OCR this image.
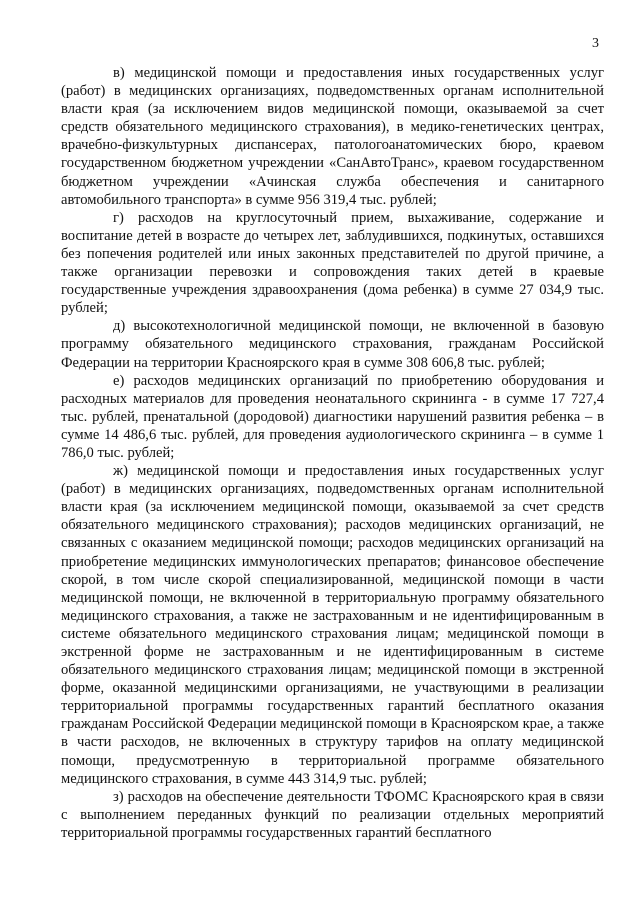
3

в) медицинской помощи и предоставления иных государственных услуг (работ) в медицинских организациях, подведомственных органам исполнительной власти края (за исключением видов медицинской помощи, оказываемой за счет средств обязательного медицинского страхования), в медико-генетических центрах, врачебно-физкультурных диспансерах, патологоанатомических бюро, краевом государственном бюджетном учреждении «СанАвтоТранс», краевом государственном бюджетном учреждении «Ачинская служба обеспечения и санитарного автомобильного транспорта» в сумме 956 319,4 тыс. рублей;

г) расходов на круглосуточный прием, выхаживание, содержание и воспитание детей в возрасте до четырех лет, заблудившихся, подкинутых, оставшихся без попечения родителей или иных законных представителей по другой причине, а также организации перевозки и сопровождения таких детей в краевые государственные учреждения здравоохранения (дома ребенка) в сумме 27 034,9 тыс. рублей;

д) высокотехнологичной медицинской помощи, не включенной в базовую программу обязательного медицинского страхования, гражданам Российской Федерации на территории Красноярского края в сумме 308 606,8 тыс. рублей;

е) расходов медицинских организаций по приобретению оборудования и расходных материалов для проведения неонатального скрининга - в сумме 17 727,4 тыс. рублей, пренатальной (дородовой) диагностики нарушений развития ребенка – в сумме 14 486,6 тыс. рублей, для проведения аудиологического скрининга – в сумме 1 786,0 тыс. рублей;

ж) медицинской помощи и предоставления иных государственных услуг (работ) в медицинских организациях, подведомственных органам исполнительной власти края (за исключением медицинской помощи, оказываемой за счет средств обязательного медицинского страхования); расходов медицинских организаций, не связанных с оказанием медицинской помощи; расходов медицинских организаций на приобретение медицинских иммунологических препаратов; финансовое обеспечение скорой, в том числе скорой специализированной, медицинской помощи в части медицинской помощи, не включенной в территориальную программу обязательного медицинского страхования, а также не застрахованным и не идентифицированным в системе обязательного медицинского страхования лицам; медицинской помощи в экстренной форме не застрахованным и не идентифицированным в системе обязательного медицинского страхования лицам; медицинской помощи в экстренной форме, оказанной медицинскими организациями, не участвующими в реализации территориальной программы государственных гарантий бесплатного оказания гражданам Российской Федерации медицинской помощи в Красноярском крае, а также в части расходов, не включенных в структуру тарифов на оплату медицинской помощи, предусмотренную в территориальной программе обязательного медицинского страхования, в сумме 443 314,9 тыс. рублей;

з) расходов на обеспечение деятельности ТФОМС Красноярского края в связи с выполнением переданных функций по реализации отдельных мероприятий территориальной программы государственных гарантий бесплатного
